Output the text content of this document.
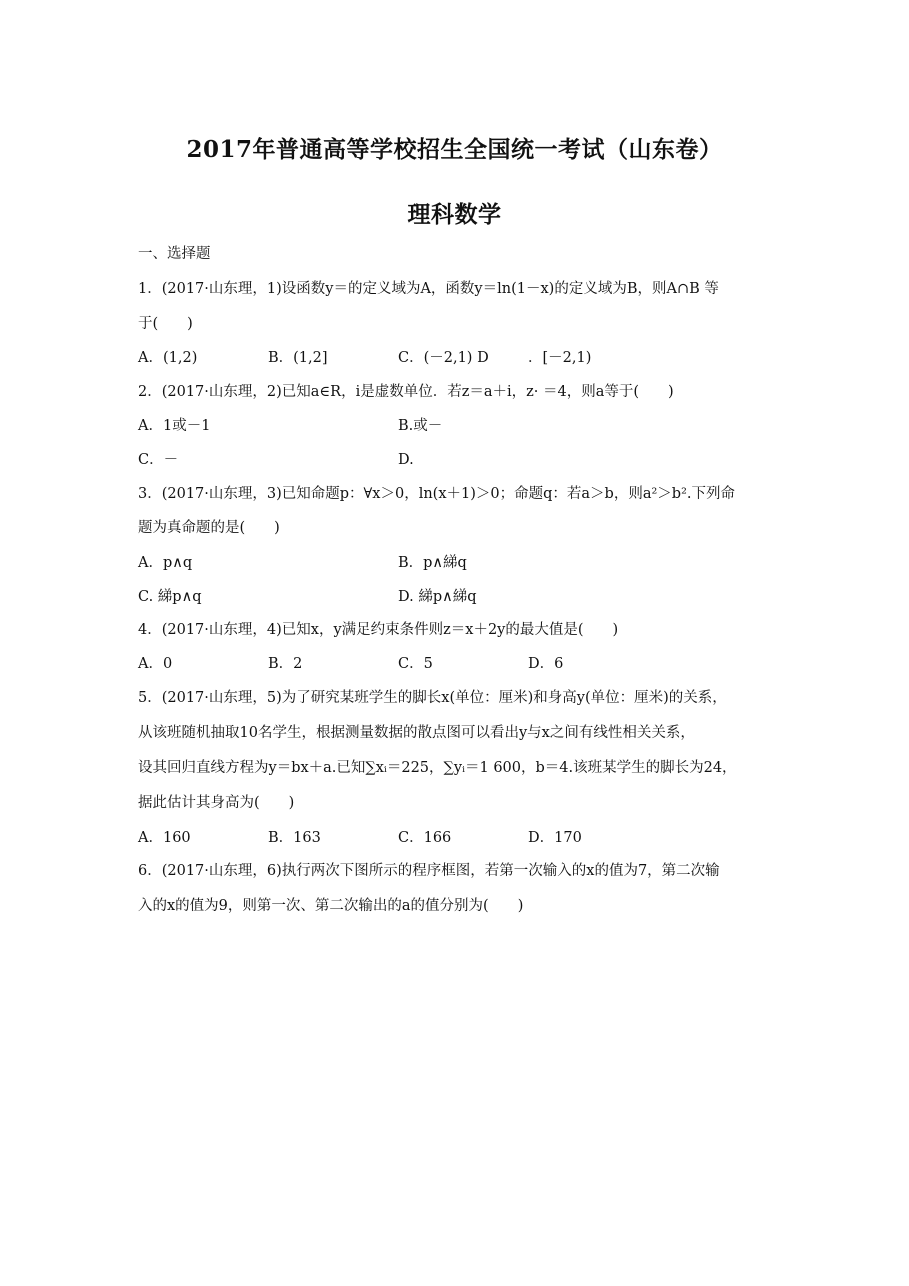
2017年普通高等学校招生全国统一考试（山东卷）
理科数学
一、选择题
1．(2017·山东理，1)设函数y＝的定义域为A，函数y＝ln(1－x)的定义域为B，则A∩B 等
于(　　)
A．(1,2)	B．(1,2]	C．(－2,1) D	．[－2,1)
2．(2017·山东理，2)已知a∈R，i是虚数单位．若z＝a＋i，z· ＝4，则a等于(　　)
A．1或－1	B.或－
C．－	D.
3．(2017·山东理，3)已知命题p：∀x＞0，ln(x＋1)＞0；命题q：若a＞b，则a²＞b².下列命
题为真命题的是(　　)
A．p∧q	B．p∧綈q
C. 綈p∧q	D. 綈p∧綈q
4．(2017·山东理，4)已知x，y满足约束条件则z＝x＋2y的最大值是(　　)
A．0	B．2	C．5	D．6
5．(2017·山东理，5)为了研究某班学生的脚长x(单位：厘米)和身高y(单位：厘米)的关系，
从该班随机抽取10名学生，根据测量数据的散点图可以看出y与x之间有线性相关关系，
设其回归直线方程为y＝bx＋a.已知∑xᵢ＝225，∑yᵢ＝1 600，b＝4.该班某学生的脚长为24，
据此估计其身高为(　　)
A．160	B．163	C．166	D．170
6．(2017·山东理，6)执行两次下图所示的程序框图，若第一次输入的x的值为7，第二次输
入的x的值为9，则第一次、第二次输出的a的值分别为(　　)
